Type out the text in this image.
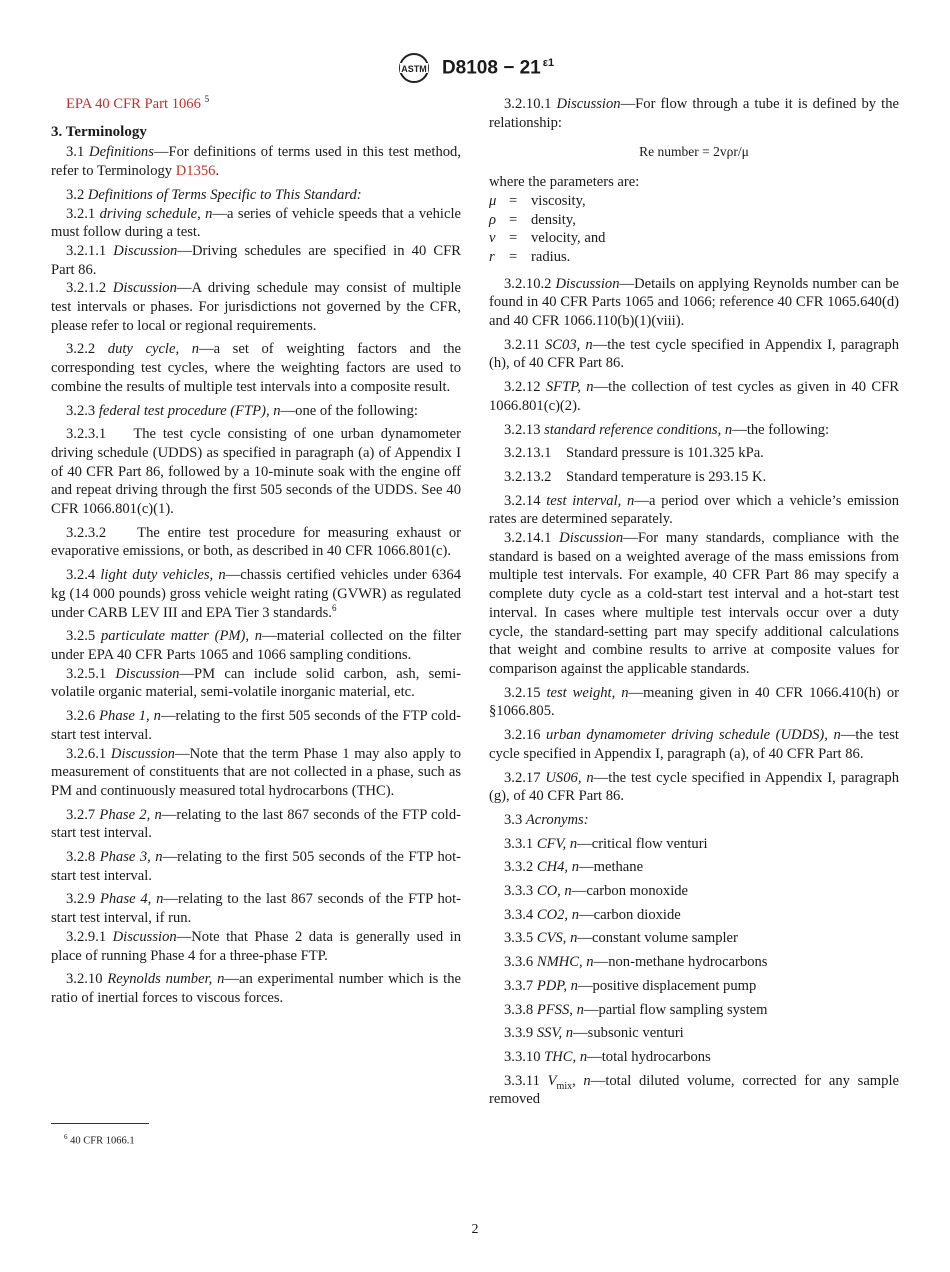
ASTM D8108 − 21 $^{\varepsilon 1}$

EPA 40 CFR Part 1066 $^5$

3. Terminology

3.1 Definitions—For definitions of terms used in this test method, refer to Terminology D1356.

3.2 Definitions of Terms Specific to This Standard:

3.2.1 driving schedule, n—a series of vehicle speeds that a vehicle must follow during a test.

3.2.1.1 Discussion—Driving schedules are specified in 40 CFR Part 86.

3.2.1.2 Discussion—A driving schedule may consist of multiple test intervals or phases. For jurisdictions not governed by the CFR, please refer to local or regional requirements.

3.2.2 duty cycle, n—a set of weighting factors and the corresponding test cycles, where the weighting factors are used to combine the results of multiple test intervals into a composite result.

3.2.3 federal test procedure (FTP), n—one of the following:

3.2.3.1 The test cycle consisting of one urban dynamometer driving schedule (UDDS) as specified in paragraph (a) of Appendix I of 40 CFR Part 86, followed by a 10-minute soak with the engine off and repeat driving through the first 505 seconds of the UDDS. See 40 CFR 1066.801(c)(1).

3.2.3.2 The entire test procedure for measuring exhaust or evaporative emissions, or both, as described in 40 CFR 1066.801(c).

3.2.4 light duty vehicles, n—chassis certified vehicles under 6364 kg (14 000 pounds) gross vehicle weight rating (GVWR) as regulated under CARB LEV III and EPA Tier 3 standards.$^6$

3.2.5 particulate matter (PM), n—material collected on the filter under EPA 40 CFR Parts 1065 and 1066 sampling conditions.

3.2.5.1 Discussion—PM can include solid carbon, ash, semi-volatile organic material, semi-volatile inorganic material, etc.

3.2.6 Phase 1, n—relating to the first 505 seconds of the FTP cold-start test interval.

3.2.6.1 Discussion—Note that the term Phase 1 may also apply to measurement of constituents that are not collected in a phase, such as PM and continuously measured total hydrocarbons (THC).

3.2.7 Phase 2, n—relating to the last 867 seconds of the FTP cold-start test interval.

3.2.8 Phase 3, n—relating to the first 505 seconds of the FTP hot-start test interval.

3.2.9 Phase 4, n—relating to the last 867 seconds of the FTP hot-start test interval, if run.

3.2.9.1 Discussion—Note that Phase 2 data is generally used in place of running Phase 4 for a three-phase FTP.

3.2.10 Reynolds number, n—an experimental number which is the ratio of inertial forces to viscous forces.

3.2.10.1 Discussion—For flow through a tube it is defined by the relationship:

Re number = 2vρr/μ

where the parameters are:

μ = viscosity,
ρ = density,
v = velocity, and
r = radius.

3.2.10.2 Discussion—Details on applying Reynolds number can be found in 40 CFR Parts 1065 and 1066; reference 40 CFR 1065.640(d) and 40 CFR 1066.110(b)(1)(viii).

3.2.11 SC03, n—the test cycle specified in Appendix I, paragraph (h), of 40 CFR Part 86.

3.2.12 SFTP, n—the collection of test cycles as given in 40 CFR 1066.801(c)(2).

3.2.13 standard reference conditions, n—the following:

3.2.13.1 Standard pressure is 101.325 kPa.

3.2.13.2 Standard temperature is 293.15 K.

3.2.14 test interval, n—a period over which a vehicle’s emission rates are determined separately.

3.2.14.1 Discussion—For many standards, compliance with the standard is based on a weighted average of the mass emissions from multiple test intervals. For example, 40 CFR Part 86 may specify a complete duty cycle as a cold-start test interval and a hot-start test interval. In cases where multiple test intervals occur over a duty cycle, the standard-setting part may specify additional calculations that weight and combine results to arrive at composite values for comparison against the applicable standards.

3.2.15 test weight, n—meaning given in 40 CFR 1066.410(h) or §1066.805.

3.2.16 urban dynamometer driving schedule (UDDS), n—the test cycle specified in Appendix I, paragraph (a), of 40 CFR Part 86.

3.2.17 US06, n—the test cycle specified in Appendix I, paragraph (g), of 40 CFR Part 86.

3.3 Acronyms:

3.3.1 CFV, n—critical flow venturi

3.3.2 CH4, n—methane

3.3.3 CO, n—carbon monoxide

3.3.4 CO2, n—carbon dioxide

3.3.5 CVS, n—constant volume sampler

3.3.6 NMHC, n—non-methane hydrocarbons

3.3.7 PDP, n—positive displacement pump

3.3.8 PFSS, n—partial flow sampling system

3.3.9 SSV, n—subsonic venturi

3.3.10 THC, n—total hydrocarbons

3.3.11 $V_{mix}$, n—total diluted volume, corrected for any sample removed

$^6$ 40 CFR 1066.1
2
